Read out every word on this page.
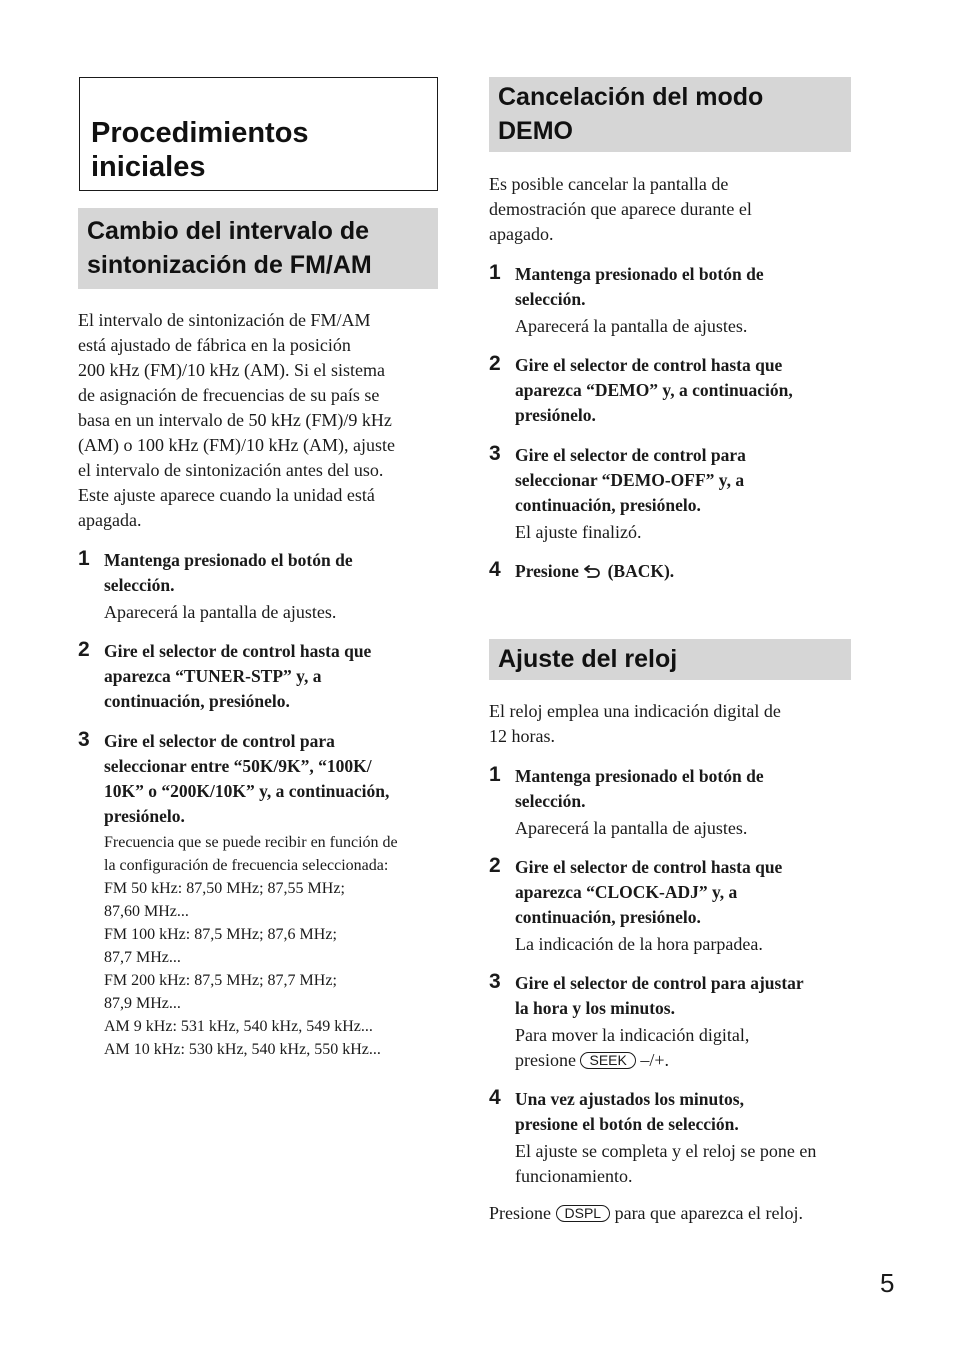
Procedimientos iniciales
Cambio del intervalo de sintonización de FM/AM

El intervalo de sintonización de FM/AM
está ajustado de fábrica en la posición
200 kHz (FM)/10 kHz (AM). Si el sistema
de asignación de frecuencias de su país se
basa en un intervalo de 50 kHz (FM)/9 kHz
(AM) o 100 kHz (FM)/10 kHz (AM), ajuste
el intervalo de sintonización antes del uso.
Este ajuste aparece cuando la unidad está
apagada.

1 Mantenga presionado el botón de
selección.

Aparecerá la pantalla de ajustes.

2 Gire el selector de control hasta que
aparezca “TUNER-STP” y, a
continuación, presiónelo.

3 Gire el selector de control para
seleccionar entre “50K/9K”, “100K/
10K” o “200K/10K” y, a continuación,
presiónelo.

Frecuencia que se puede recibir en función de
la configuración de frecuencia seleccionada:
FM 50 kHz: 87,50 MHz; 87,55 MHz;
87,60 MHz...
FM 100 kHz: 87,5 MHz; 87,6 MHz;
87,7 MHz...
FM 200 kHz: 87,5 MHz; 87,7 MHz;
87,9 MHz...
AM 9 kHz: 531 kHz, 540 kHz, 549 kHz...
AM 10 kHz: 530 kHz, 540 kHz, 550 kHz...

Cancelación del modo
DEMO

Es posible cancelar la pantalla de
demostración que aparece durante el
apagado.

1 Mantenga presionado el botón de
selección.

Aparecerá la pantalla de ajustes.

2 Gire el selector de control hasta que
aparezca “DEMO” y, a continuación,
presiónelo.

3 Gire el selector de control para
seleccionar “DEMO-OFF” y, a
continuación, presiónelo.

El ajuste finalizó.

4 Presione (BACK).

Ajuste del reloj

El reloj emplea una indicación digital de
12 horas.

1 Mantenga presionado el botón de
selección.

Aparecerá la pantalla de ajustes.

2 Gire el selector de control hasta que
aparezca “CLOCK-ADJ” y, a
continuación, presiónelo.

La indicación de la hora parpadea.

3 Gire el selector de control para ajustar
la hora y los minutos.

Para mover la indicación digital,
presione SEEK –/+.

4 Una vez ajustados los minutos,
presione el botón de selección.

El ajuste se completa y el reloj se pone en
funcionamiento.

Presione DSPL para que aparezca el reloj.

5
